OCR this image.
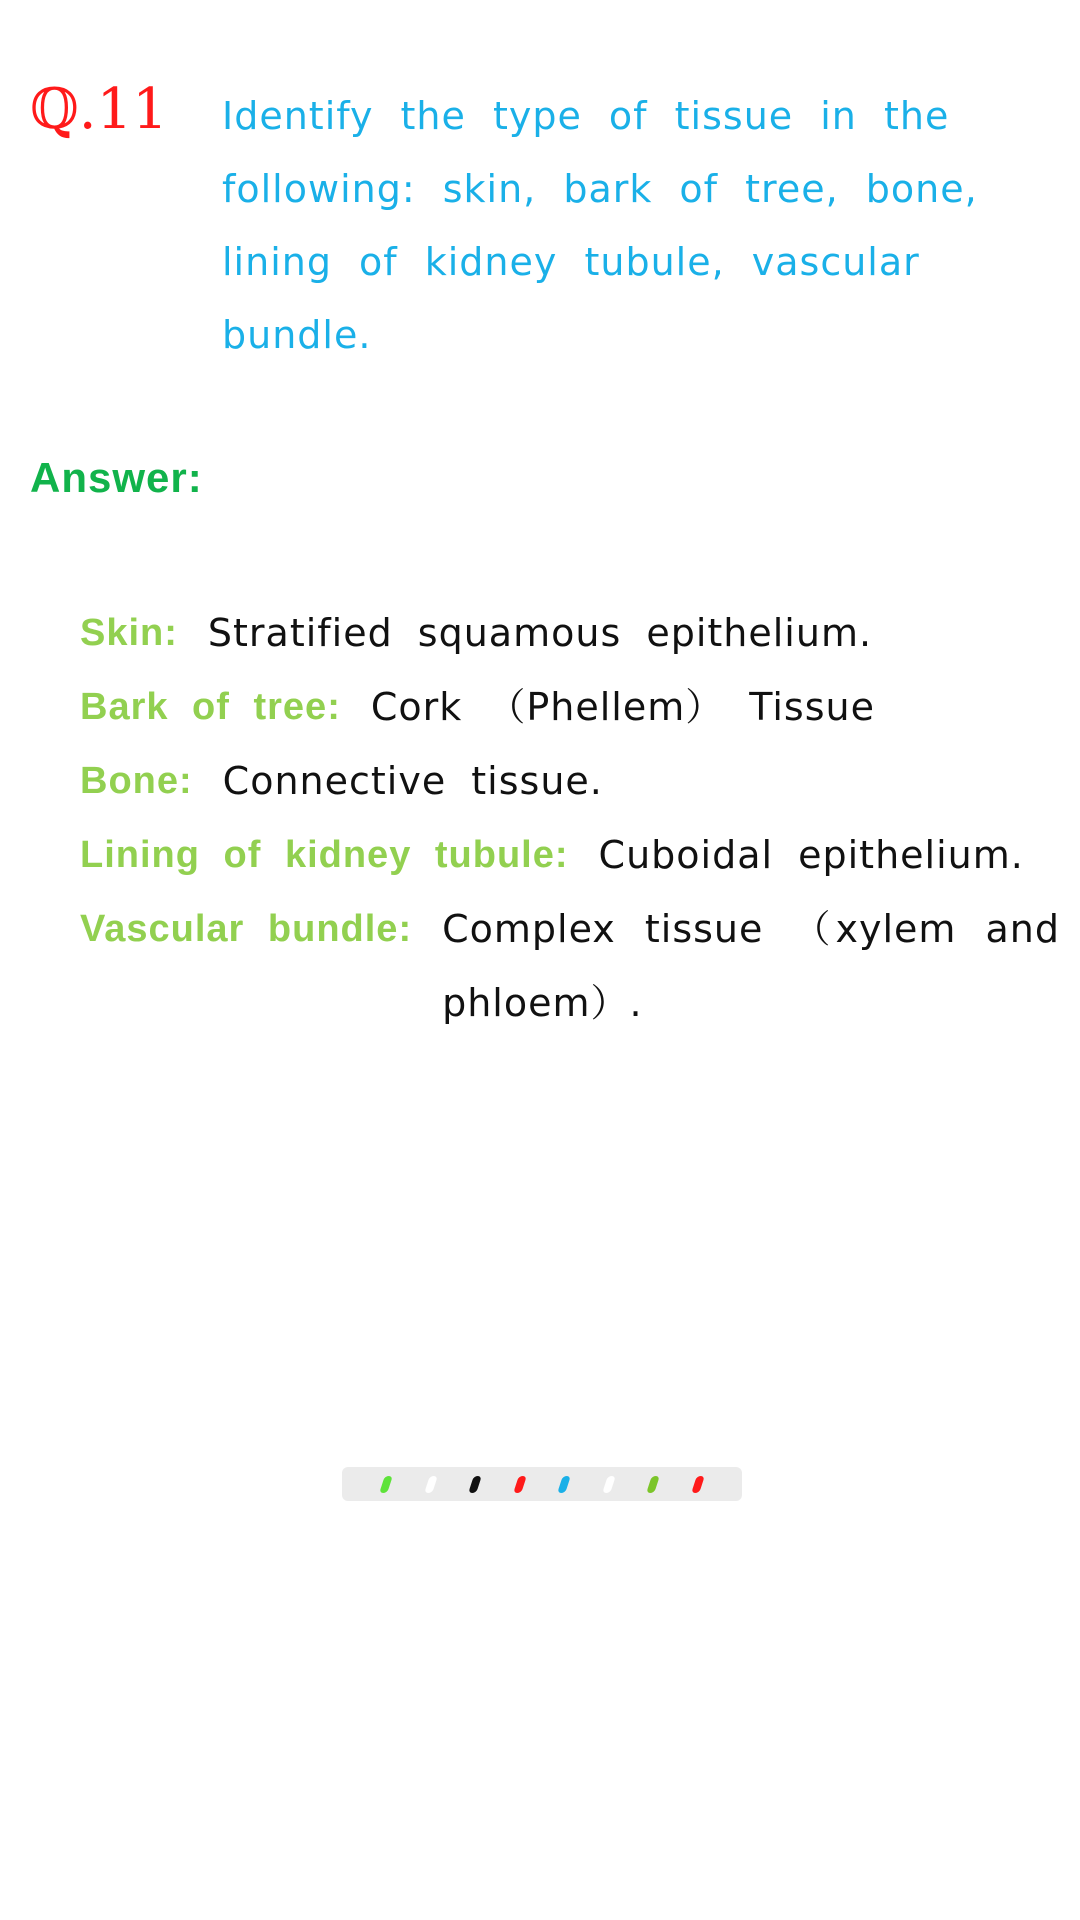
ℚ.11 Identify the type of tissue in the following: skin, bark of tree, bone, lining of kidney tubule, vascular bundle.

Answer:
Skin: Stratified squamous epithelium.
Bark of tree: Cork （Phellem） Tissue
Bone: Connective tissue.
Lining of kidney tubule: Cuboidal epithelium.
Vascular bundle: Complex tissue （xylem and phloem）.
